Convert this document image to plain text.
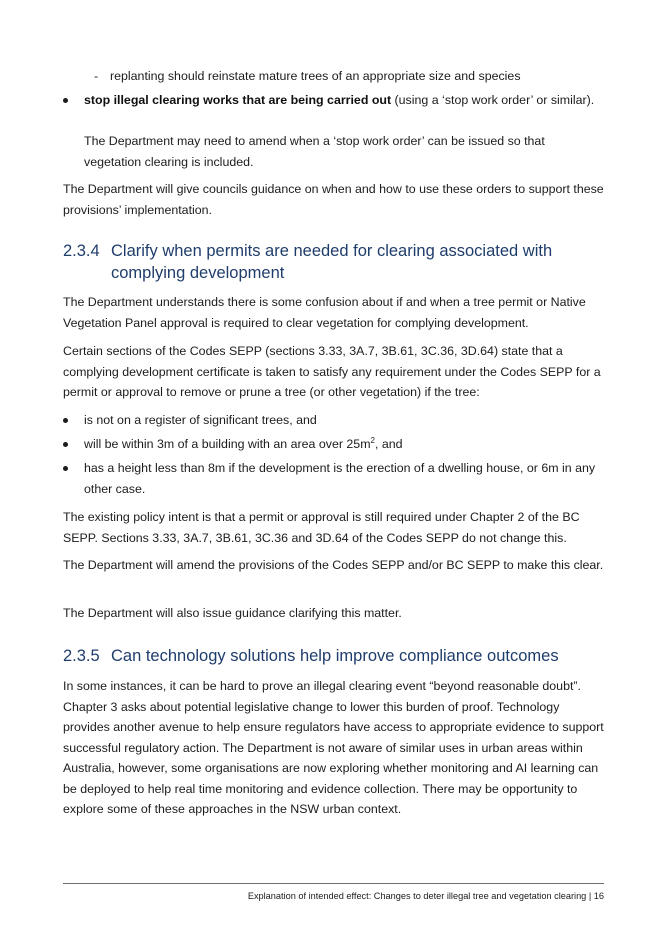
- replanting should reinstate mature trees of an appropriate size and species
stop illegal clearing works that are being carried out (using a ‘stop work order’ or similar).

The Department may need to amend when a ‘stop work order’ can be issued so that vegetation clearing is included.

The Department will give councils guidance on when and how to use these orders to support these provisions’ implementation.

2.3.4 Clarify when permits are needed for clearing associated with
complying development

The Department understands there is some confusion about if and when a tree permit or Native Vegetation Panel approval is required to clear vegetation for complying development.

Certain sections of the Codes SEPP (sections 3.33, 3A.7, 3B.61, 3C.36, 3D.64) state that a complying development certificate is taken to satisfy any requirement under the Codes SEPP for a permit or approval to remove or prune a tree (or other vegetation) if the tree:

is not on a register of significant trees, and
will be within 3m of a building with an area over $25m^2$, and
has a height less than 8m if the development is the erection of a dwelling house, or 6m in any other case.

The existing policy intent is that a permit or approval is still required under Chapter 2 of the BC SEPP. Sections 3.33, 3A.7, 3B.61, 3C.36 and 3D.64 of the Codes SEPP do not change this.

The Department will amend the provisions of the Codes SEPP and/or BC SEPP to make this clear.

The Department will also issue guidance clarifying this matter.

2.3.5 Can technology solutions help improve compliance outcomes

In some instances, it can be hard to prove an illegal clearing event “beyond reasonable doubt”. Chapter 3 asks about potential legislative change to lower this burden of proof. Technology provides another avenue to help ensure regulators have access to appropriate evidence to support successful regulatory action. The Department is not aware of similar uses in urban areas within Australia, however, some organisations are now exploring whether monitoring and AI learning can be deployed to help real time monitoring and evidence collection. There may be opportunity to explore some of these approaches in the NSW urban context.

Explanation of intended effect: Changes to deter illegal tree and vegetation clearing | 16
